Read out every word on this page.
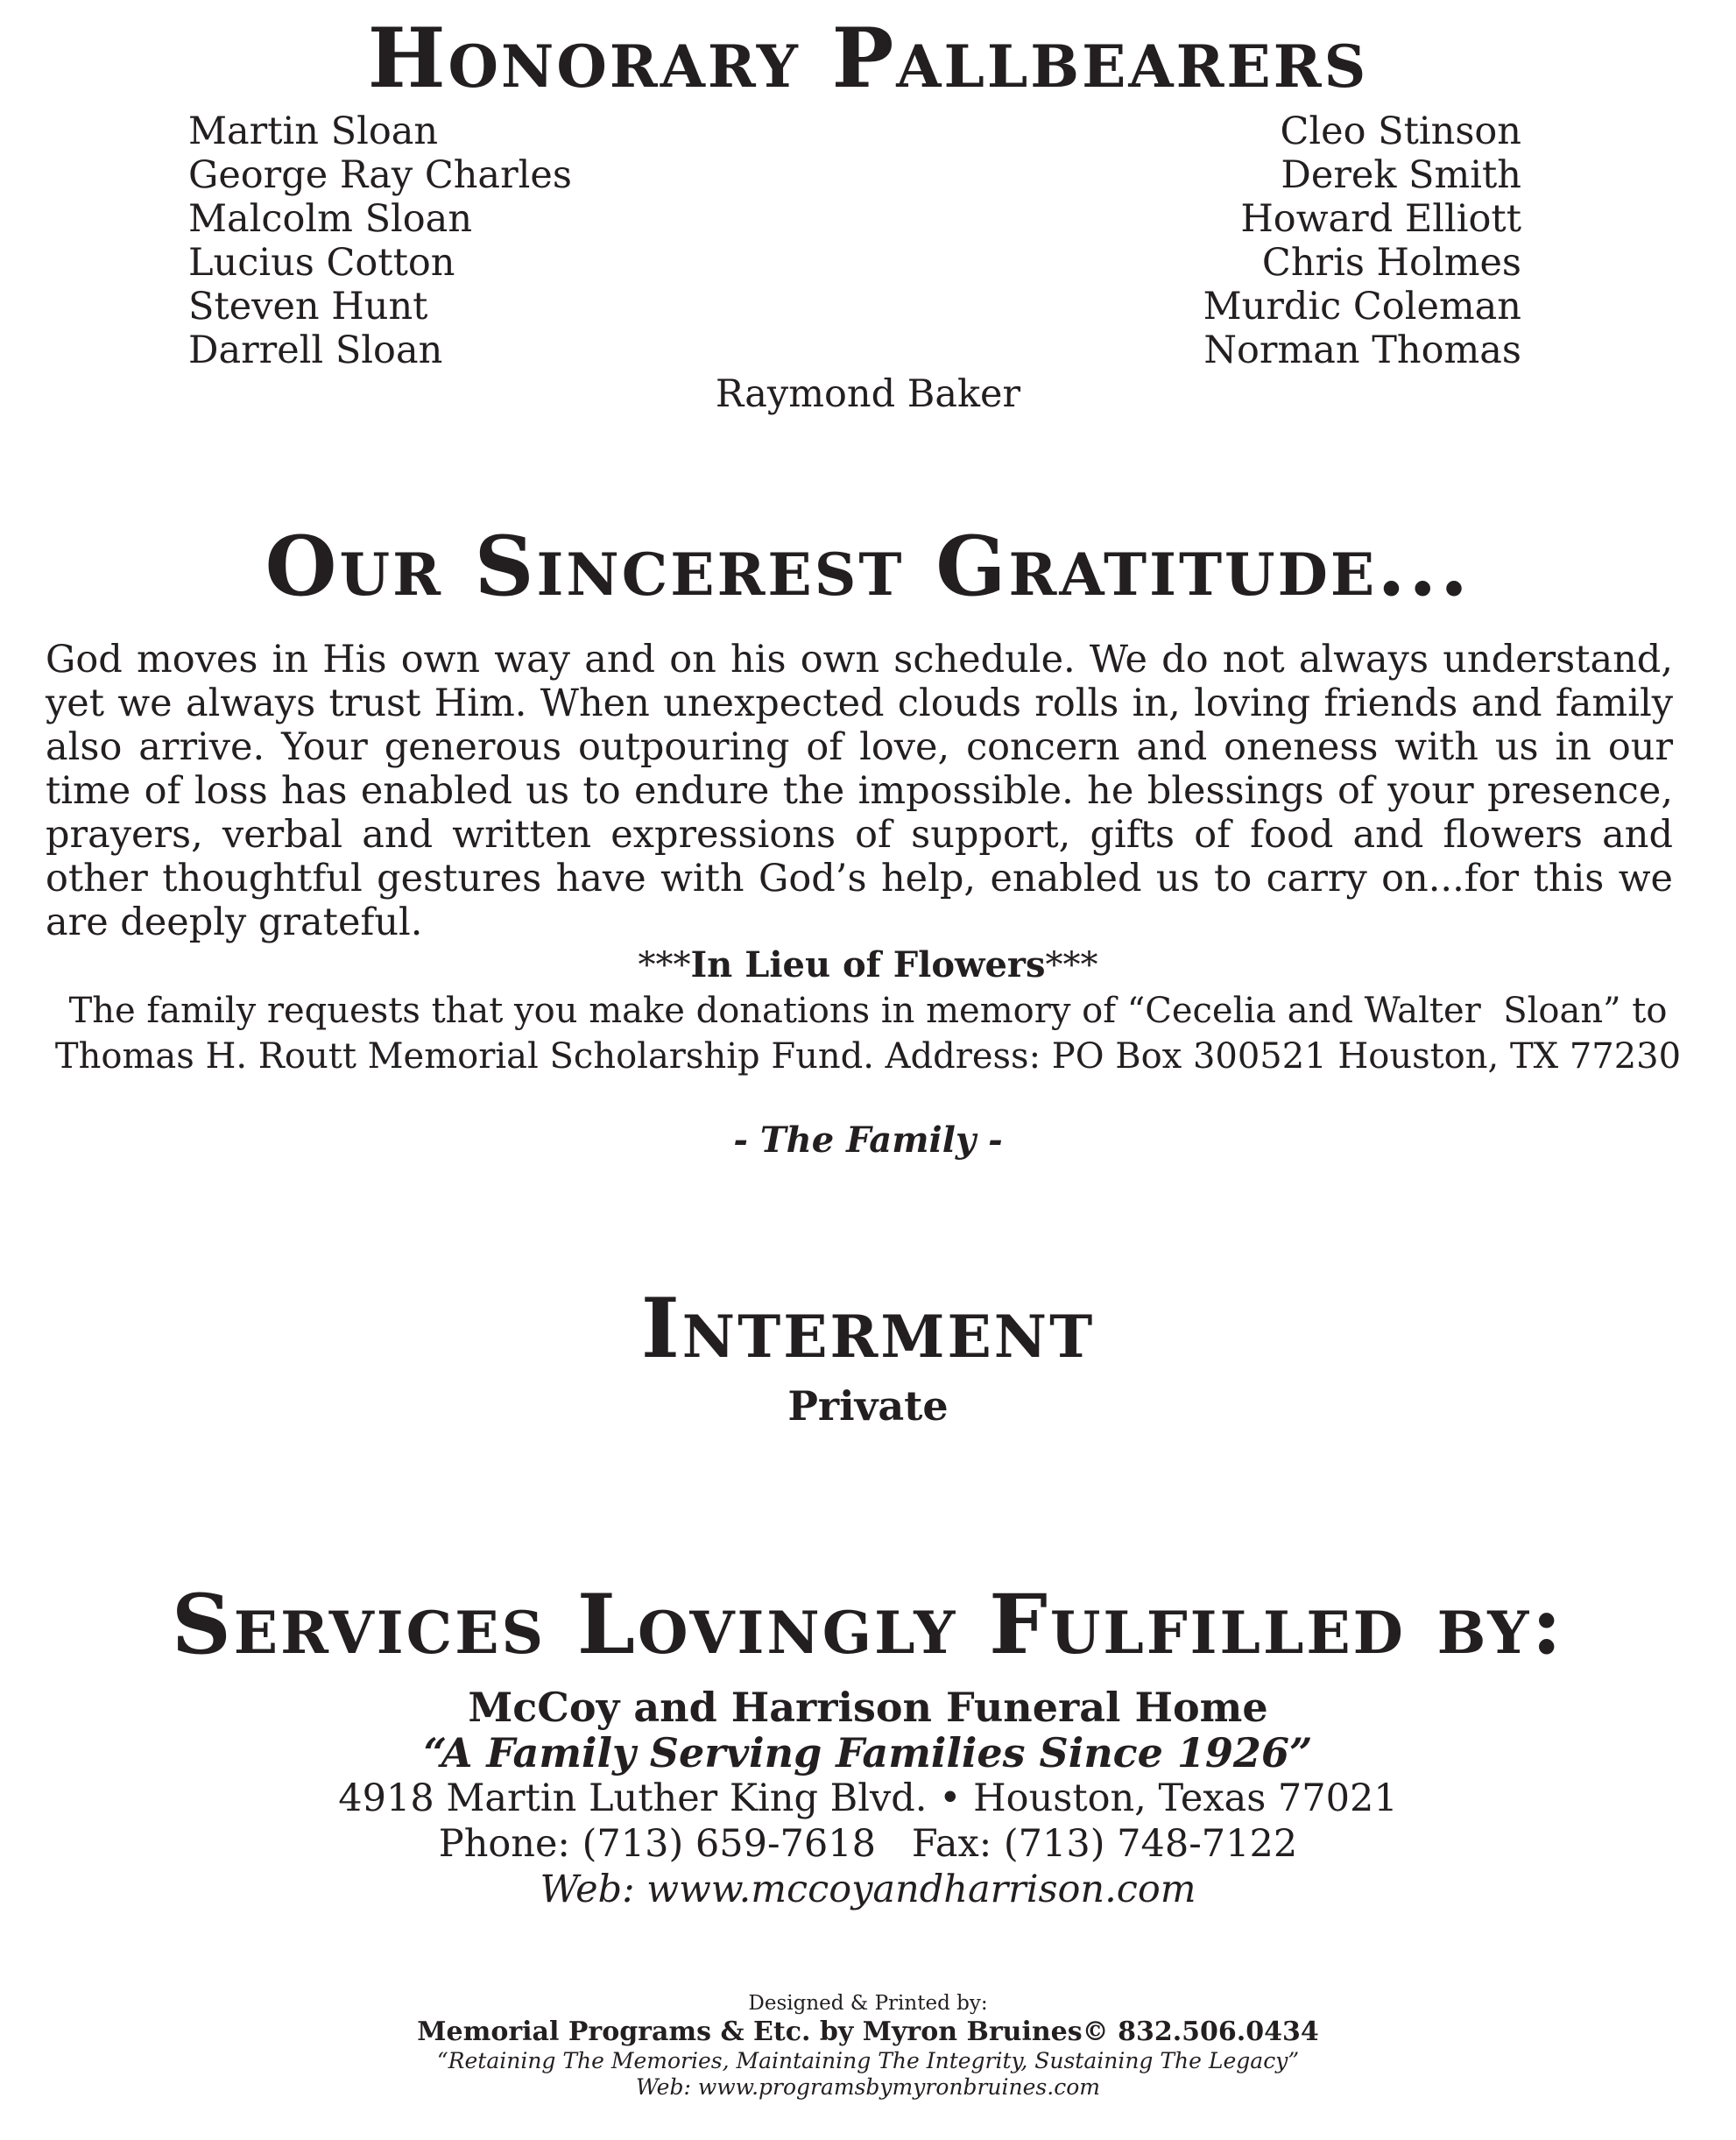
Honorary Pallbearers
Martin Sloan
George Ray Charles
Malcolm Sloan
Lucius Cotton
Steven Hunt
Darrell Sloan
Cleo Stinson
Derek Smith
Howard Elliott
Chris Holmes
Murdic Coleman
Norman Thomas
Raymond Baker
Our Sincerest Gratitude...

God moves in His own way and on his own schedule. We do not always understand, yet we always trust Him. When unexpected clouds rolls in, loving friends and family also arrive. Your generous outpouring of love, concern and oneness with us in our time of loss has enabled us to endure the impossible. he blessings of your presence, prayers, verbal and written expressions of support, gifts of food and flowers and other thoughtful gestures have with God’s help, enabled us to carry on...for this we are deeply grateful.

***In Lieu of Flowers***
The family requests that you make donations in memory of “Cecelia and Walter  Sloan” to
Thomas H. Routt Memorial Scholarship Fund. Address: PO Box 300521 Houston, TX 77230
- The Family -
Interment
Private
Services Lovingly Fulfilled by:
McCoy and Harrison Funeral Home
“A Family Serving Families Since 1926”
4918 Martin Luther King Blvd. • Houston, Texas 77021
Phone: (713) 659-7618   Fax: (713) 748-7122
Web: www.mccoyandharrison.com
Designed & Printed by:
Memorial Programs & Etc. by Myron Bruines© 832.506.0434
“Retaining The Memories, Maintaining The Integrity, Sustaining The Legacy”
Web: www.programsbymyronbruines.com
